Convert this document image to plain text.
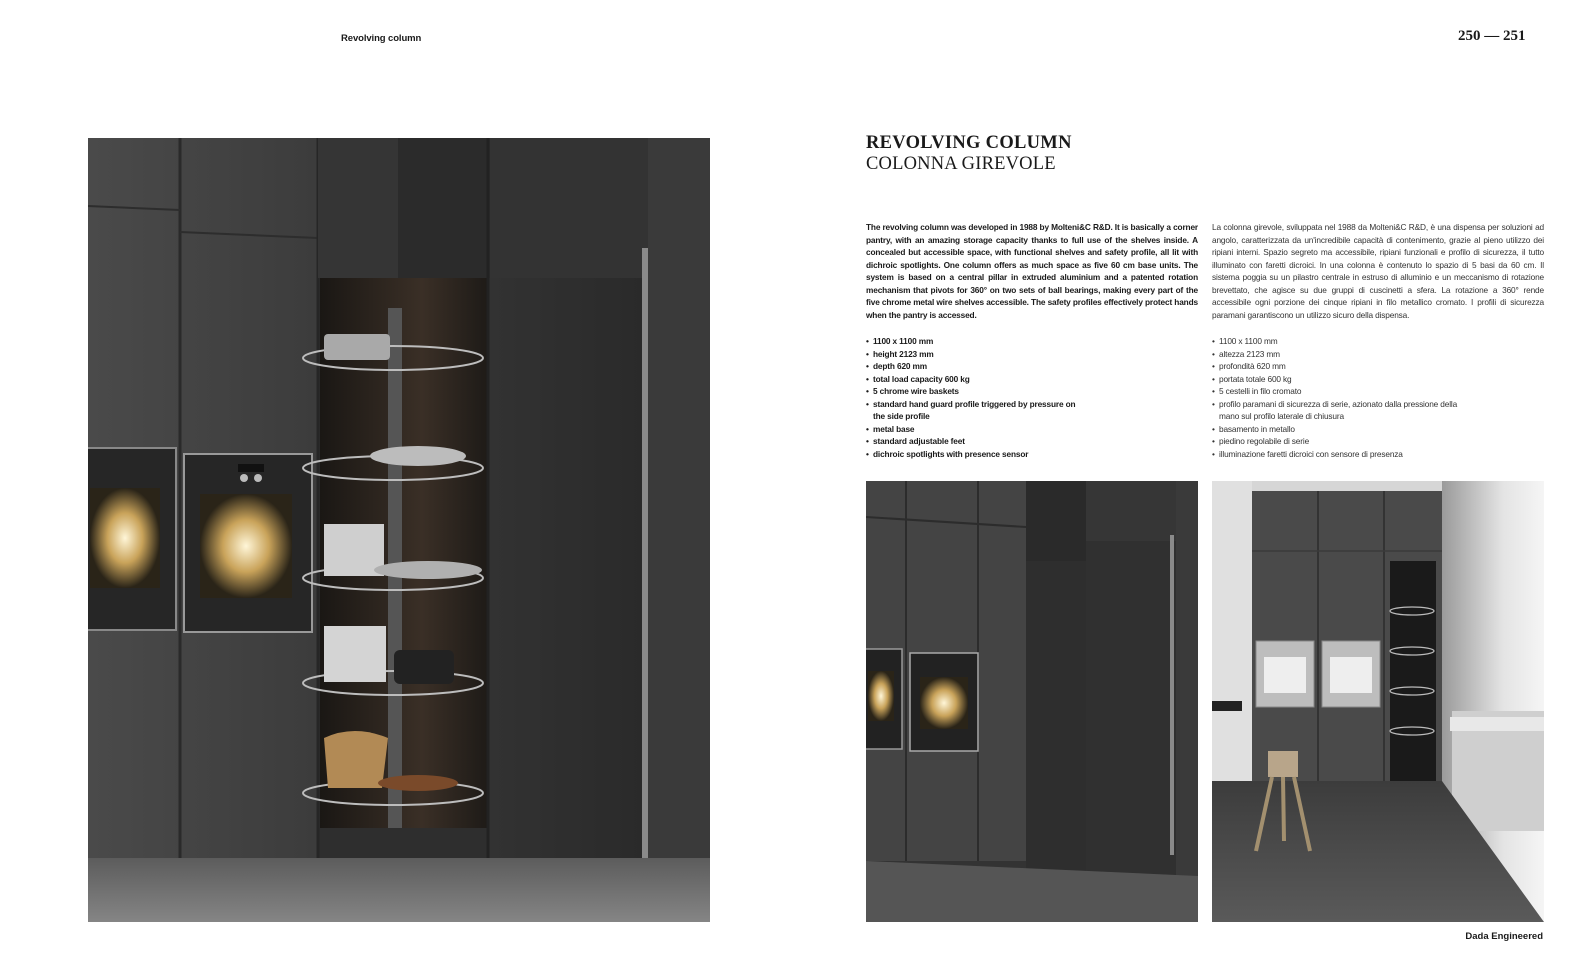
Revolving column	250 — 251
Dada Engineered
REVOLVING COLUMN
COLONNA GIREVOLE
The revolving column was developed in 1988 by Molteni&C R&D. It is basically a corner pantry, with an amazing storage capacity thanks to full use of the shelves inside. A concealed but accessible space, with functional shelves and safety profile, all lit with dichroic spotlights. One column offers as much space as five 60 cm base units. The system is based on a central pillar in extruded aluminium and a patented rotation mechanism that pivots for 360° on two sets of ball bearings, making every part of the five chrome metal wire shelves accessible. The safety profiles effectively protect hands when the pantry is accessed.
La colonna girevole, sviluppata nel 1988 da Molteni&C R&D, è una dispensa per soluzioni ad angolo, caratterizzata da un'incredibile capacità di contenimento, grazie al pieno utilizzo dei ripiani interni. Spazio segreto ma accessibile, ripiani funzionali e profilo di sicurezza, il tutto illuminato con faretti dicroici. In una colonna è contenuto lo spazio di 5 basi da 60 cm. Il sistema poggia su un pilastro centrale in estruso di alluminio e un meccanismo di rotazione brevettato, che agisce su due gruppi di cuscinetti a sfera. La rotazione a 360° rende accessibile ogni porzione dei cinque ripiani in filo metallico cromato. I profili di sicurezza paramani garantiscono un utilizzo sicuro della dispensa.
• 1100 x 1100 mm
• height 2123 mm
• depth 620 mm
• total load capacity 600 kg
• 5 chrome wire baskets
• standard hand guard profile triggered by pressure on the side profile
• metal base
• standard adjustable feet
• dichroic spotlights with presence sensor
• 1100 x 1100 mm
• altezza 2123 mm
• profondità 620 mm
• portata totale 600 kg
• 5 cestelli in filo cromato
• profilo paramani di sicurezza di serie, azionato dalla pressione della mano sul profilo laterale di chiusura
• basamento in metallo
• piedino regolabile di serie
• illuminazione faretti dicroici con sensore di presenza
